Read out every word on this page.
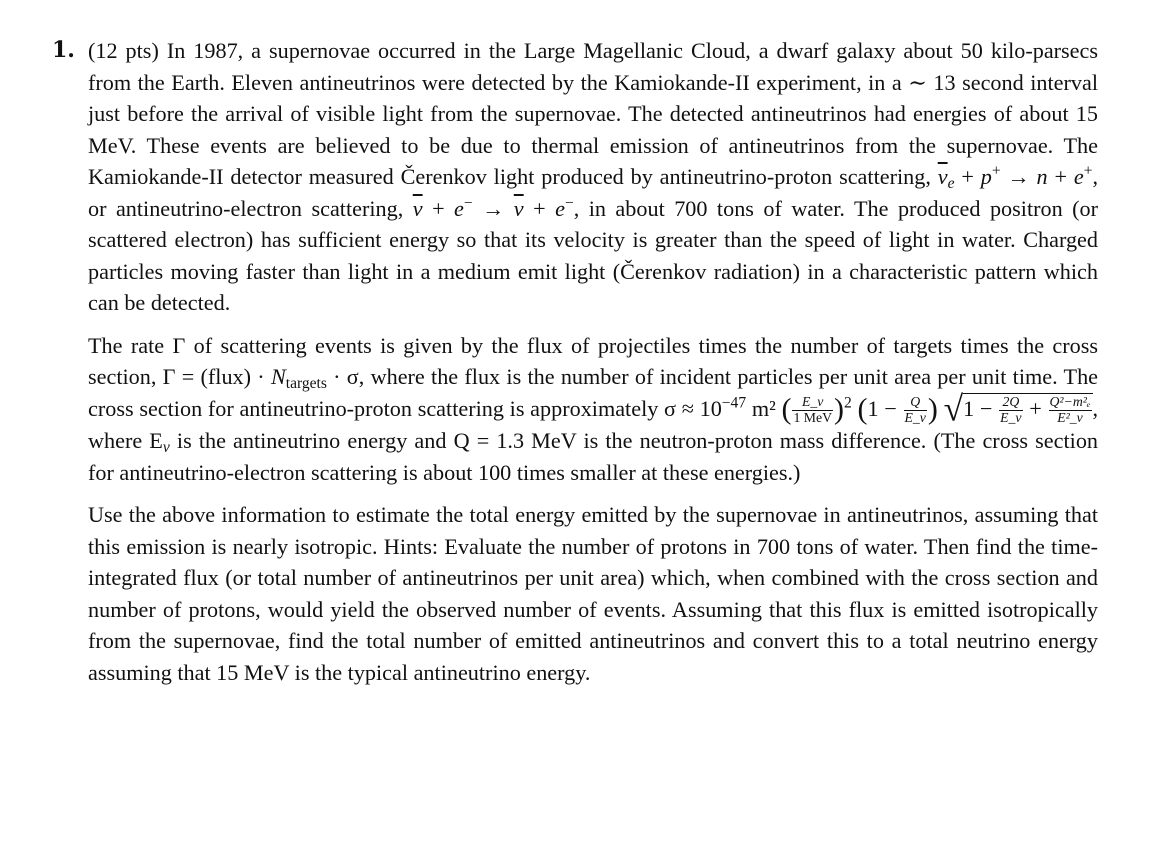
1. (12 pts) In 1987, a supernovae occurred in the Large Magellanic Cloud, a dwarf galaxy about 50 kilo-parsecs from the Earth. Eleven antineutrinos were detected by the Kamiokande-II experiment, in a ∼ 13 second interval just before the arrival of visible light from the supernovae. The detected antineutrinos had energies of about 15 MeV. These events are believed to be due to thermal emission of antineutrinos from the supernovae. The Kamiokande-II detector measured Čerenkov light produced by antineutrino-proton scattering, $\overline{\nu}_e + p^+ \to n + e^+$, or antineutrino-electron scattering, $\overline{\nu} + e^- \to \overline{\nu} + e^-$, in about 700 tons of water. The produced positron (or scattered electron) has sufficient energy so that its velocity is greater than the speed of light in water. Charged particles moving faster than light in a medium emit light (Čerenkov radiation) in a characteristic pattern which can be detected.

The rate Γ of scattering events is given by the flux of projectiles times the number of targets times the cross section, Γ = (flux) · $N_{targets} \cdot \sigma$, where the flux is the number of incident particles per unit area per unit time. The cross section for antineutrino-proton scattering is approximately $\sigma \approx 10^{-47}$ m² ( $\frac{E\_\nu}{\text{1 MeV}} )^2$ ($1 - \frac{Q}{E\_\nu}$ ) $√1 - \frac{2Q}{E\_\nu} + \frac{\text{Q²−m²ₑ}}{\text{E²\_ν}}$ , where $E_\nu$ is the antineutrino energy and Q = 1.3 MeV is the neutron-proton mass difference. (The cross section for antineutrino-electron scattering is about 100 times smaller at these energies.)

Use the above information to estimate the total energy emitted by the supernovae in antineutrinos, assuming that this emission is nearly isotropic. Hints: Evaluate the number of protons in 700 tons of water. Then find the time-integrated flux (or total number of antineutrinos per unit area) which, when combined with the cross section and number of protons, would yield the observed number of events. Assuming that this flux is emitted isotropically from the supernovae, find the total number of emitted antineutrinos and convert this to a total neutrino energy assuming that 15 MeV is the typical antineutrino energy.
